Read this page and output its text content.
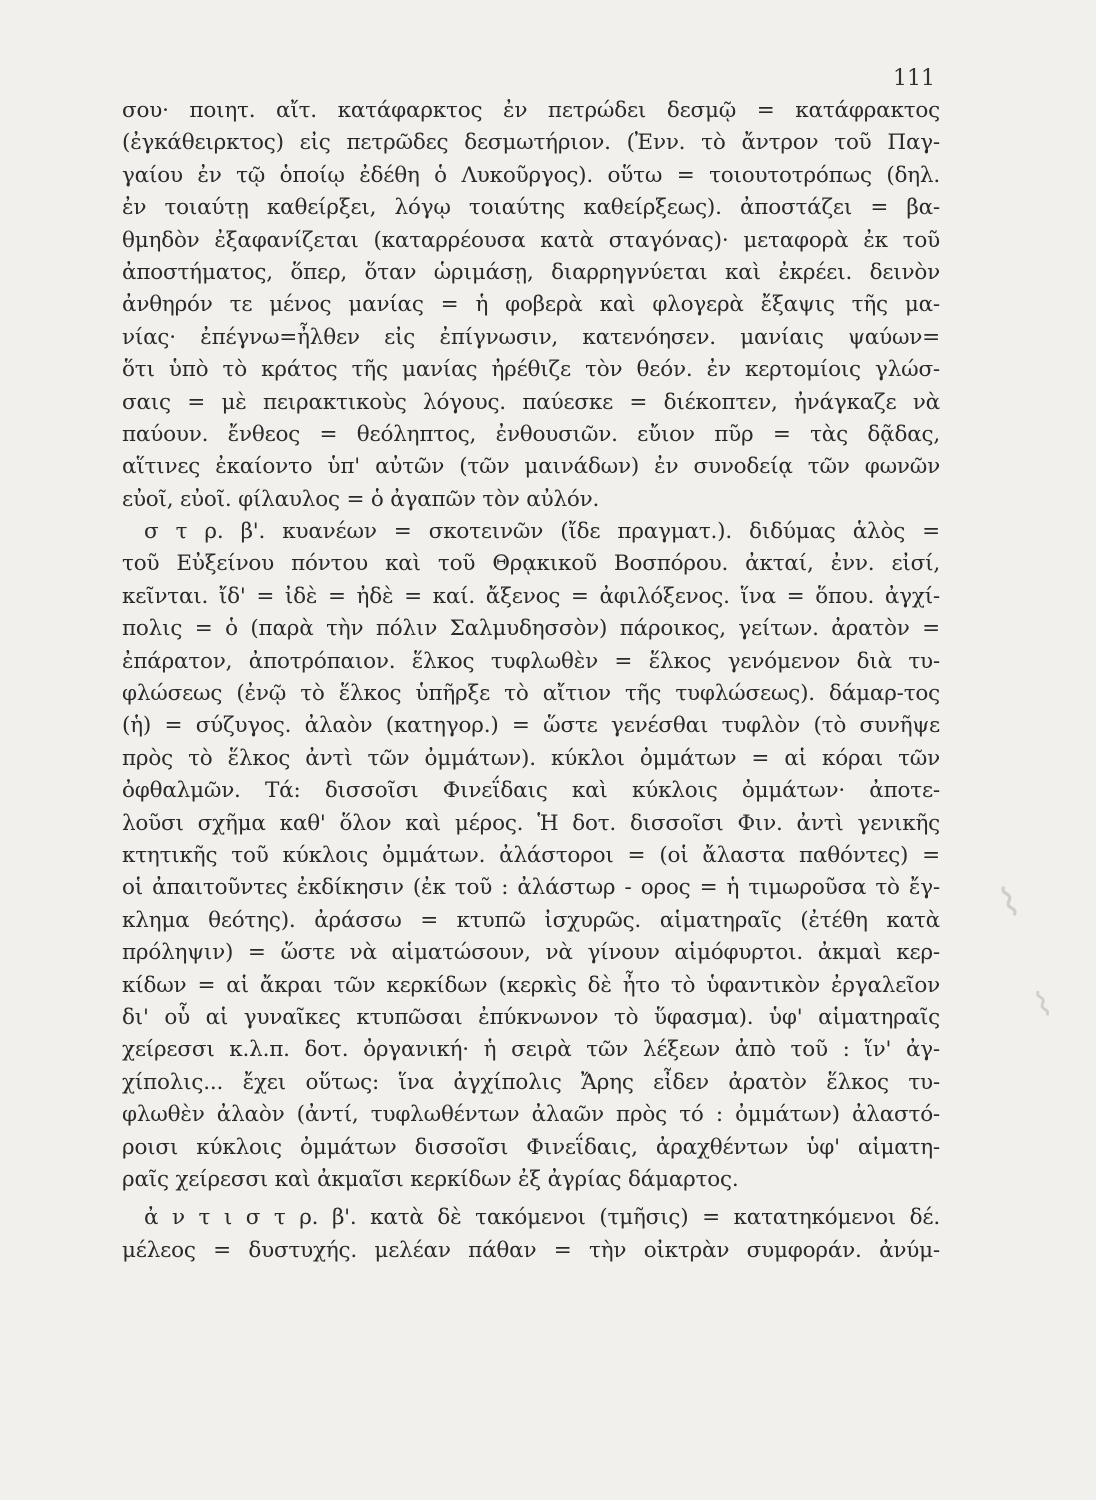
111
σου· ποιητ. αἴτ. κατάφαρκτος ἐν πετρώδει δεσμῷ = κατάφρακτος
(ἐγκάθειρκτος) εἰς πετρῶδες δεσμωτήριον. (Ἐνν. τὸ ἄντρον τοῦ Παγ-
γαίου ἐν τῷ ὁποίῳ ἐδέθη ὁ Λυκοῦργος). οὕτω = τοιουτοτρόπως (δηλ.
ἐν τοιαύτῃ καθείρξει, λόγῳ τοιαύτης καθείρξεως). ἀποστάζει = βα-
θμηδὸν ἐξαφανίζεται (καταρρέουσα κατὰ σταγόνας)· μεταφορὰ ἐκ τοῦ
ἀποστήματος, ὅπερ, ὅταν ὡριμάσῃ, διαρρηγνύεται καὶ ἐκρέει. δεινὸν
ἀνθηρόν τε μένος μανίας = ἡ φοβερὰ καὶ φλογερὰ ἔξαψις τῆς μα-
νίας· ἐπέγνω=ἦλθεν εἰς ἐπίγνωσιν, κατενόησεν. μανίαις ψαύων=
ὅτι ὑπὸ τὸ κράτος τῆς μανίας ἠρέθιζε τὸν θεόν. ἐν κερτομίοις γλώσ-
σαις = μὲ πειρακτικοὺς λόγους. παύεσκε = διέκοπτεν, ἠνάγκαζε νὰ
παύουν. ἔνθεος = θεόληπτος, ἐνθουσιῶν. εὔιον πῦρ = τὰς δᾷδας,
αἵτινες ἐκαίοντο ὑπ' αὐτῶν (τῶν μαινάδων) ἐν συνοδείᾳ τῶν φωνῶν
εὐοῖ, εὐοῖ. φίλαυλος = ὁ ἀγαπῶν τὸν αὐλόν.
σ τ ρ. β'. κυανέων = σκοτεινῶν (ἴδε πραγματ.). διδύμας ἁλὸς =
τοῦ Εὐξείνου πόντου καὶ τοῦ Θρᾳκικοῦ Βοσπόρου. ἀκταί, ἐνν. εἰσί,
κεῖνται. ἴδ' = ἰδὲ = ἠδὲ = καί. ἄξενος = ἀφιλόξενος. ἵνα = ὅπου. ἀγχί-
πολις = ὁ (παρὰ τὴν πόλιν Σαλμυδησσὸν) πάροικος, γείτων. ἀρατὸν =
ἐπάρατον, ἀποτρόπαιον. ἕλκος τυφλωθὲν = ἕλκος γενόμενον διὰ τυ-
φλώσεως (ἐνῷ τὸ ἕλκος ὑπῆρξε τὸ αἴτιον τῆς τυφλώσεως). δάμαρ-τος
(ἡ) = σύζυγος. ἀλαὸν (κατηγορ.) = ὥστε γενέσθαι τυφλὸν (τὸ συνῆψε
πρὸς τὸ ἕλκος ἀντὶ τῶν ὀμμάτων). κύκλοι ὀμμάτων = αἱ κόραι τῶν
ὀφθαλμῶν. Τά: δισσοῖσι Φινεΐδαις καὶ κύκλοις ὀμμάτων· ἀποτε-
λοῦσι σχῆμα καθ' ὅλον καὶ μέρος. Ἡ δοτ. δισσοῖσι Φιν. ἀντὶ γενικῆς
κτητικῆς τοῦ κύκλοις ὀμμάτων. ἀλάστοροι = (οἱ ἄλαστα παθόντες) =
οἱ ἀπαιτοῦντες ἐκδίκησιν (ἐκ τοῦ : ἀλάστωρ - ορος = ἡ τιμωροῦσα τὸ ἔγ-
κλημα θεότης). ἀράσσω = κτυπῶ ἰσχυρῶς. αἱματηραῖς (ἐτέθη κατὰ
πρόληψιν) = ὥστε νὰ αἱματώσουν, νὰ γίνουν αἱμόφυρτοι. ἀκμαὶ κερ-
κίδων = αἱ ἄκραι τῶν κερκίδων (κερκὶς δὲ ἦτο τὸ ὑφαντικὸν ἐργαλεῖον
δι' οὗ αἱ γυναῖκες κτυπῶσαι ἐπύκνωνον τὸ ὕφασμα). ὑφ' αἱματηραῖς
χείρεσσι κ.λ.π. δοτ. ὀργανική· ἡ σειρὰ τῶν λέξεων ἀπὸ τοῦ : ἵν' ἀγ-
χίπολις... ἔχει οὕτως: ἵνα ἀγχίπολις Ἄρης εἶδεν ἀρατὸν ἕλκος τυ-
φλωθὲν ἀλαὸν (ἀντί, τυφλωθέντων ἀλαῶν πρὸς τό : ὀμμάτων) ἀλαστό-
ροισι κύκλοις ὀμμάτων δισσοῖσι Φινεΐδαις, ἀραχθέντων ὑφ' αἱματη-
ραῖς χείρεσσι καὶ ἀκμαῖσι κερκίδων ἐξ ἀγρίας δάμαρτος.
ἀ ν τ ι σ τ ρ. β'. κατὰ δὲ τακόμενοι (τμῆσις) = κατατηκόμενοι δέ.
μέλεος = δυστυχής. μελέαν πάθαν = τὴν οἰκτρὰν συμφοράν. ἀνύμ-
⌇
⌇
